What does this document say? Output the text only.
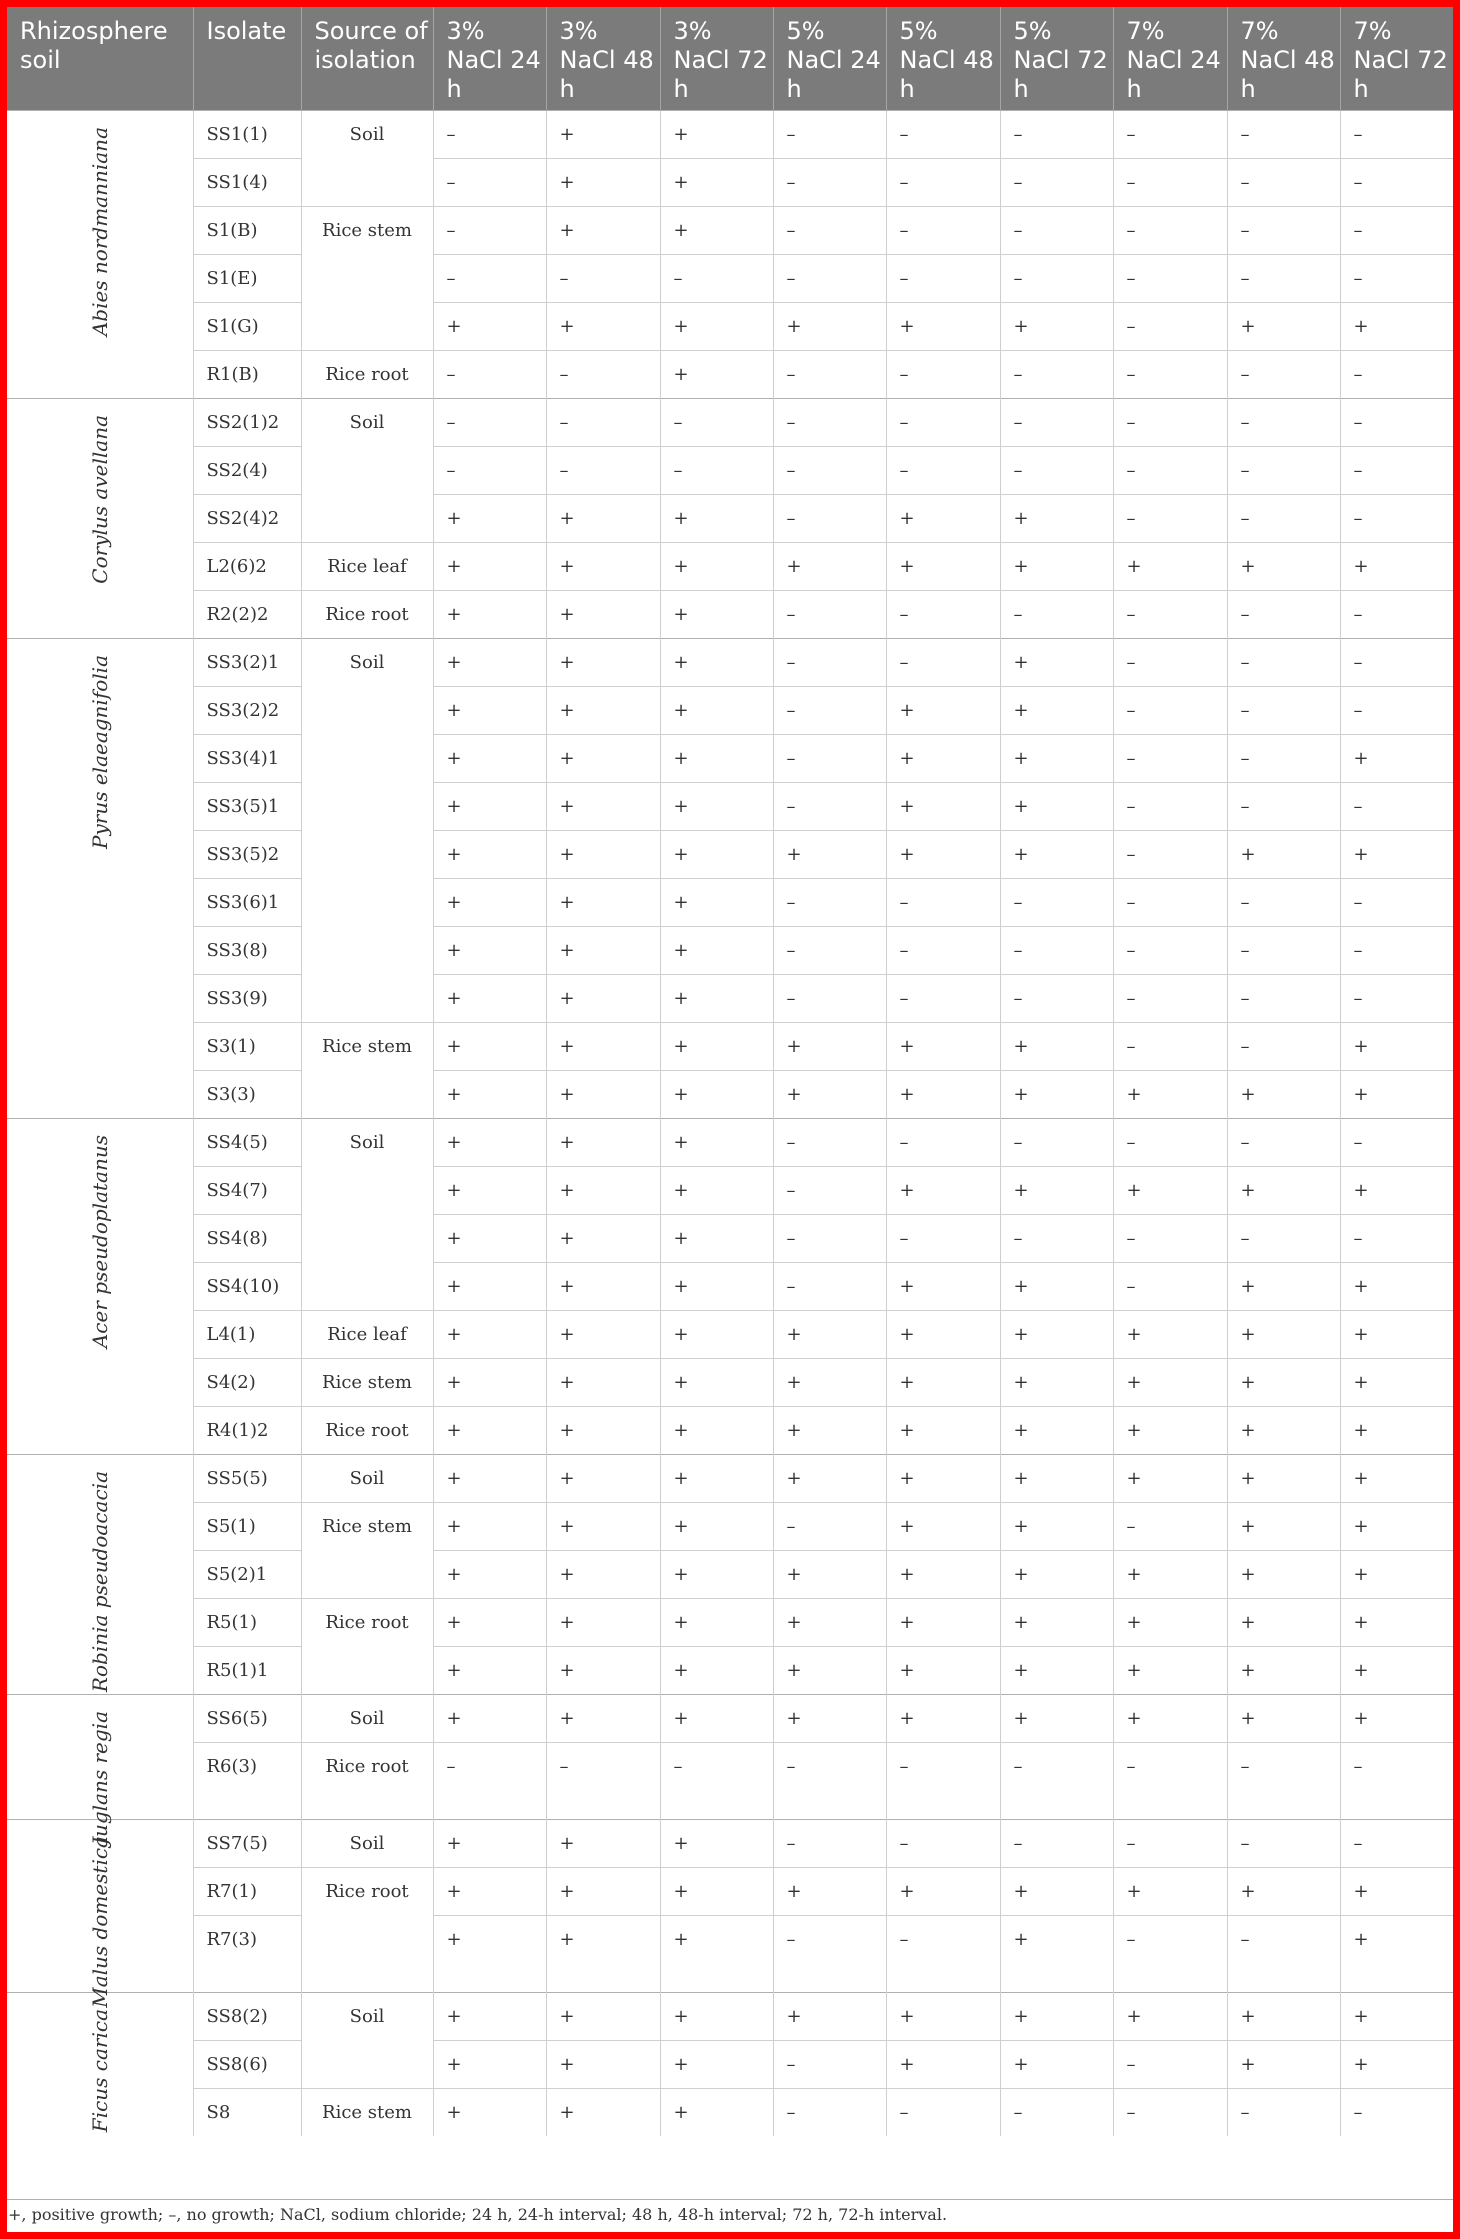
Rhizosphere soil	Isolate	Source of isolation	3% NaCl 24 h	3% NaCl 48 h	3% NaCl 72 h	5% NaCl 24 h	5% NaCl 48 h	5% NaCl 72 h	7% NaCl 24 h	7% NaCl 48 h	7% NaCl 72 h

Abies nordmanniana	SS1(1)	Soil	–	+	+	–	–	–	–	–	–
	SS1(4)		–	+	+	–	–	–	–	–	–
	S1(B)	Rice stem	–	+	+	–	–	–	–	–	–
	S1(E)		–	–	–	–	–	–	–	–	–
	S1(G)		+	+	+	+	+	+	–	+	+
	R1(B)	Rice root	–	–	+	–	–	–	–	–	–

Corylus avellana	SS2(1)2	Soil	–	–	–	–	–	–	–	–	–
	SS2(4)		–	–	–	–	–	–	–	–	–
	SS2(4)2		+	+	+	–	+	+	–	–	–
	L2(6)2	Rice leaf	+	+	+	+	+	+	+	+	+
	R2(2)2	Rice root	+	+	+	–	–	–	–	–	–

Pyrus elaeagnifolia	SS3(2)1	Soil	+	+	+	–	–	+	–	–	–
	SS3(2)2		+	+	+	–	+	+	–	–	–
	SS3(4)1		+	+	+	–	+	+	–	–	+
	SS3(5)1		+	+	+	–	+	+	–	–	–
	SS3(5)2		+	+	+	+	+	+	–	+	+
	SS3(6)1		+	+	+	–	–	–	–	–	–
	SS3(8)		+	+	+	–	–	–	–	–	–
	SS3(9)		+	+	+	–	–	–	–	–	–
	S3(1)	Rice stem	+	+	+	+	+	+	–	–	+
	S3(3)		+	+	+	+	+	+	+	+	+

Acer pseudoplatanus	SS4(5)	Soil	+	+	+	–	–	–	–	–	–
	SS4(7)		+	+	+	–	+	+	+	+	+
	SS4(8)		+	+	+	–	–	–	–	–	–
	SS4(10)		+	+	+	–	+	+	–	+	+
	L4(1)	Rice leaf	+	+	+	+	+	+	+	+	+
	S4(2)	Rice stem	+	+	+	+	+	+	+	+	+
	R4(1)2	Rice root	+	+	+	+	+	+	+	+	+

Robinia pseudoacacia	SS5(5)	Soil	+	+	+	+	+	+	+	+	+
	S5(1)	Rice stem	+	+	+	–	+	+	–	+	+
	S5(2)1		+	+	+	+	+	+	+	+	+
	R5(1)	Rice root	+	+	+	+	+	+	+	+	+
	R5(1)1		+	+	+	+	+	+	+	+	+

Juglans regia	SS6(5)	Soil	+	+	+	+	+	+	+	+	+
	R6(3)	Rice root	–	–	–	–	–	–	–	–	–

Malus domestica	SS7(5)	Soil	+	+	+	–	–	–	–	–	–
	R7(1)	Rice root	+	+	+	+	+	+	+	+	+
	R7(3)		+	+	+	–	–	+	–	–	+

Ficus carica	SS8(2)	Soil	+	+	+	+	+	+	+	+	+
	SS8(6)		+	+	+	–	+	+	–	+	+
	S8	Rice stem	+	+	+	–	–	–	–	–	–
+, positive growth; –, no growth; NaCl, sodium chloride; 24 h, 24-h interval; 48 h, 48-h interval; 72 h, 72-h interval.
